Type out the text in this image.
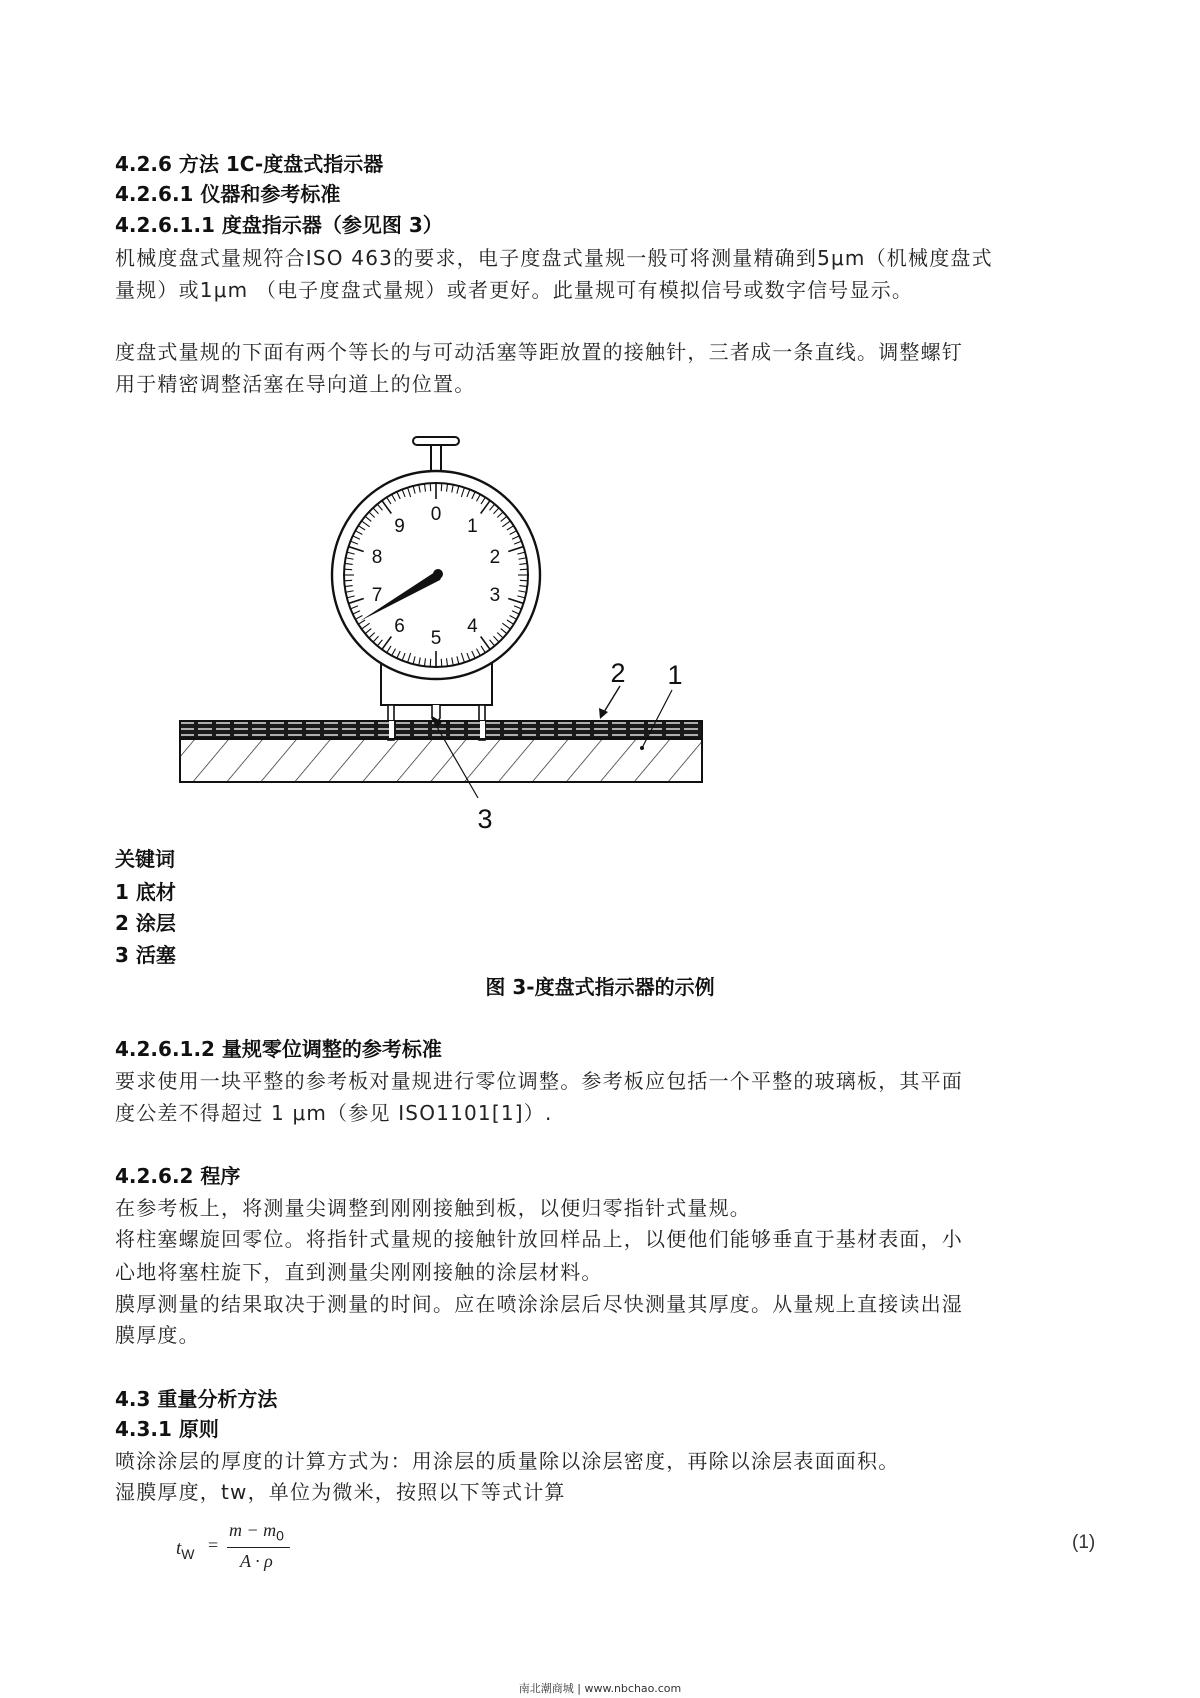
4.2.6 方法 1C-度盘式指示器
4.2.6.1 仪器和参考标准
4.2.6.1.1 度盘指示器（参见图 3）
机械度盘式量规符合ISO 463的要求，电子度盘式量规一般可将测量精确到5μm（机械度盘式
量规）或1μm （电子度盘式量规）或者更好。此量规可有模拟信号或数字信号显示。
度盘式量规的下面有两个等长的与可动活塞等距放置的接触针，三者成一条直线。调整螺钉
用于精密调整活塞在导向道上的位置。
0
1
2
3
4
5
6
7
8
9
2 1
3
关键词
1 底材
2 涂层
3 活塞
图 3-度盘式指示器的示例
4.2.6.1.2 量规零位调整的参考标准
要求使用一块平整的参考板对量规进行零位调整。参考板应包括一个平整的玻璃板，其平面
度公差不得超过 1 μm（参见 ISO1101[1]）.
4.2.6.2 程序
在参考板上，将测量尖调整到刚刚接触到板，以便归零指针式量规。
将柱塞螺旋回零位。将指针式量规的接触针放回样品上，以便他们能够垂直于基材表面，小
心地将塞柱旋下，直到测量尖刚刚接触的涂层材料。
膜厚测量的结果取决于测量的时间。应在喷涂涂层后尽快测量其厚度。从量规上直接读出湿
膜厚度。
4.3 重量分析方法
4.3.1 原则
喷涂涂层的厚度的计算方式为：用涂层的质量除以涂层密度，再除以涂层表面面积。
湿膜厚度，tw，单位为微米，按照以下等式计算
$t_W$ =
$m - m_0$
A · ρ
(1)
南北潮商城 | www.nbchao.com
